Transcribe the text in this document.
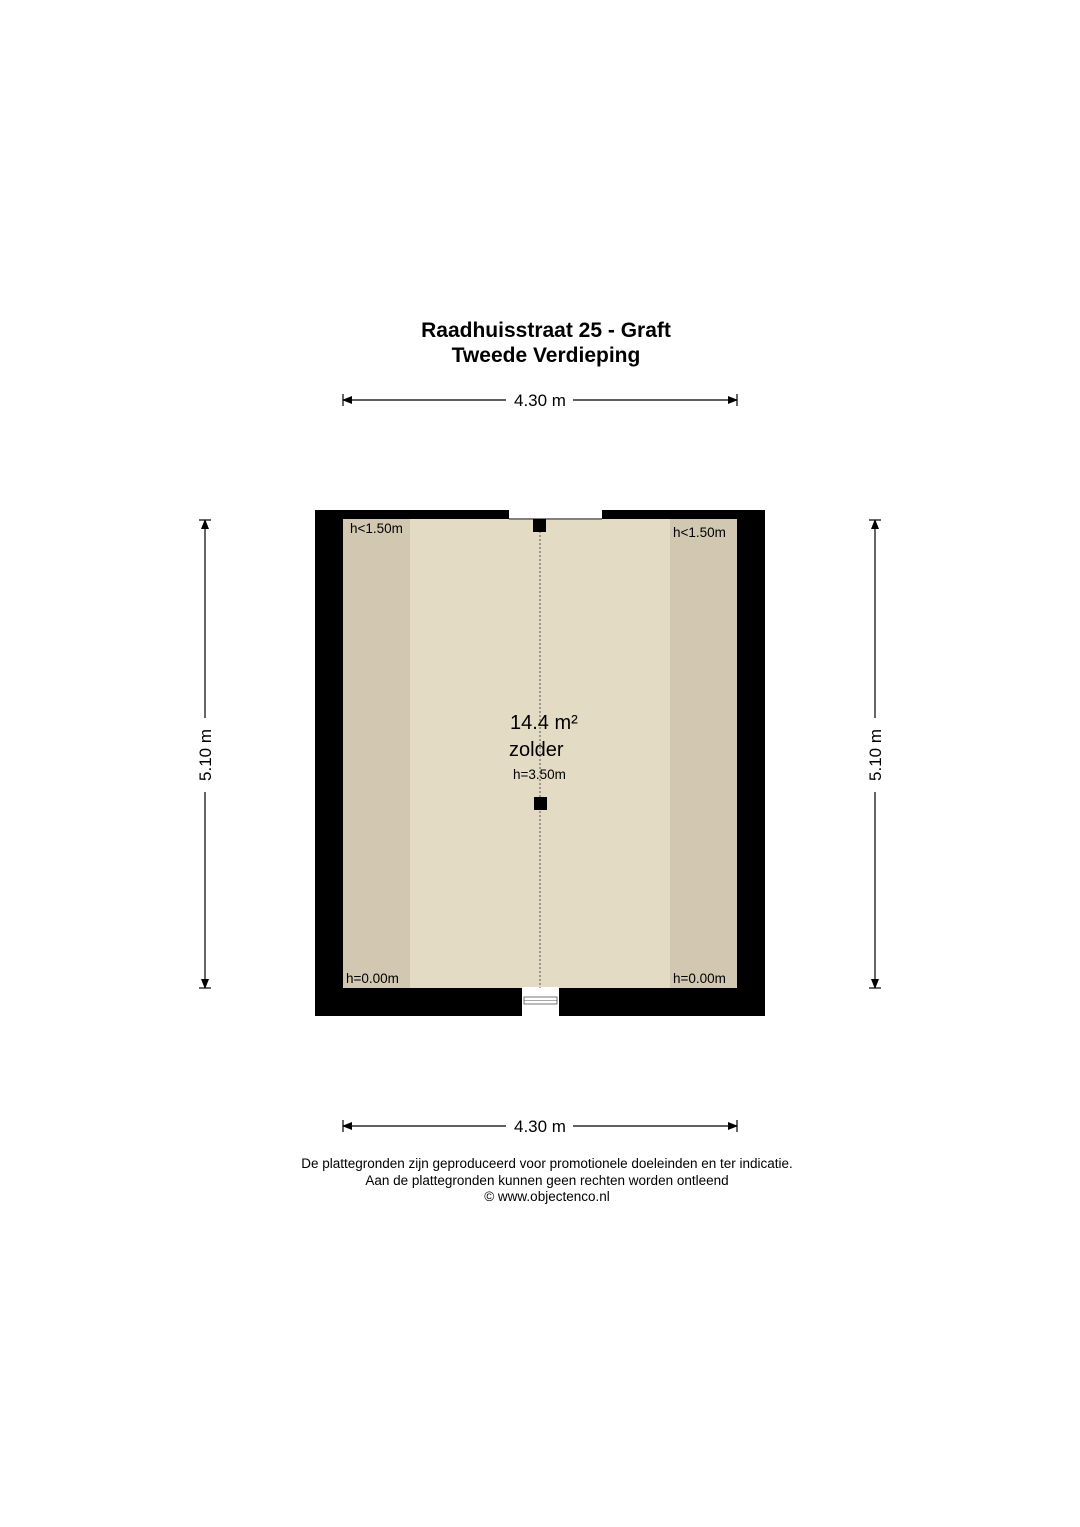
Raadhuisstraat 25 - Graft
Tweede Verdieping
4.30 m
5.10 m	5.10 m
h<1.50m	h<1.50m
h=0.00m	h=0.00m
14.4 m²
zolder
h=3.50m
4.30 m
De plattegronden zijn geproduceerd voor promotionele doeleinden en ter indicatie.
Aan de plattegronden kunnen geen rechten worden ontleend
© www.objectenco.nl
